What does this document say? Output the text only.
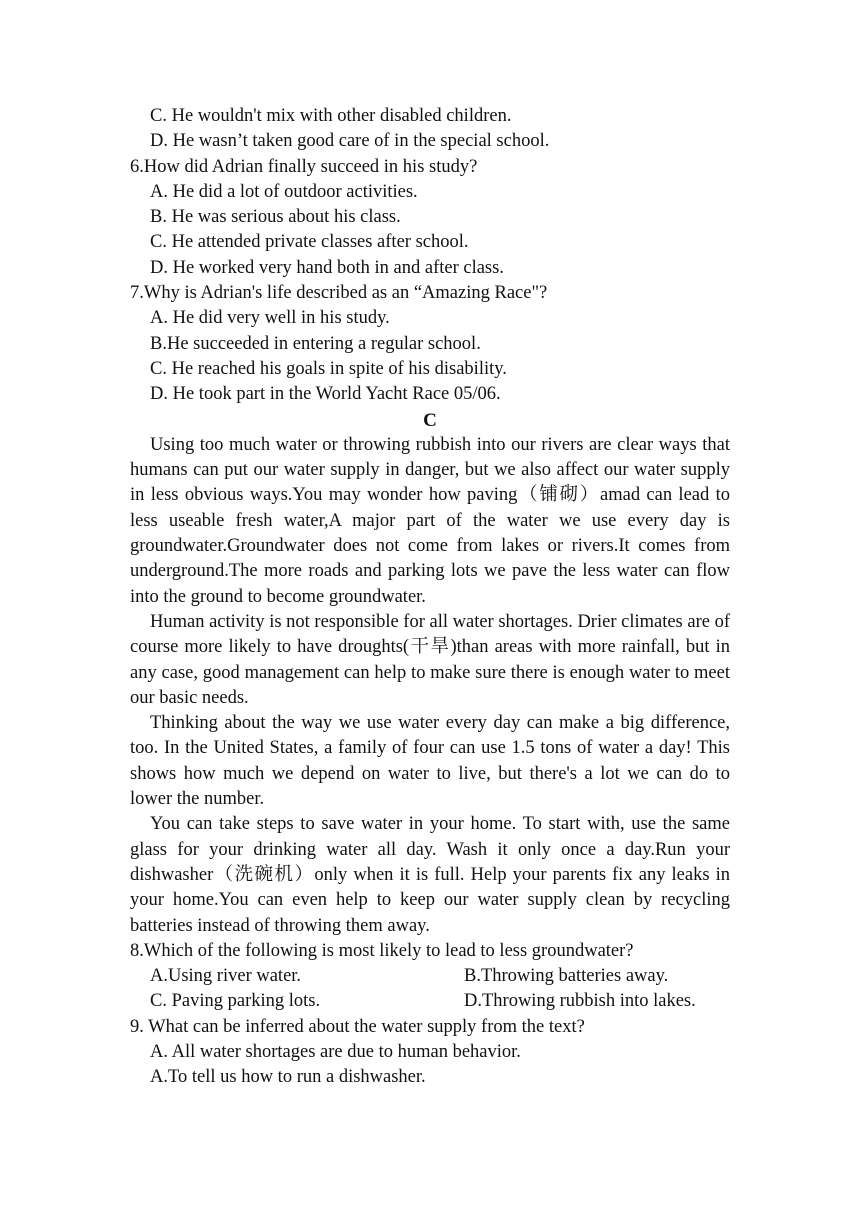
C. He wouldn't mix with other disabled children.
D. He wasn’t taken good care of in the special school.
6.How did Adrian finally succeed in his study?
A. He did a lot of outdoor activities.
B. He was serious about his class.
C. He attended private classes after school.
D. He worked very hand both in and after class.
7.Why is Adrian's life described as an “Amazing Race"?
A. He did very well in his study.
B.He succeeded in entering a regular school.
C. He reached his goals in spite of his disability.
D. He took part in the World Yacht Race 05/06.
C
Using too much water or throwing rubbish into our rivers are clear ways that humans can put our water supply in danger, but we also affect our water supply in less obvious ways.You may wonder how paving（铺砌）amad can lead to less useable fresh water,A major part of the water we use every day is groundwater.Groundwater does not come from lakes or rivers.It comes from underground.The more roads and parking lots we pave the less water can flow into the ground to become groundwater.
Human activity is not responsible for all water shortages. Drier climates are of course more likely to have droughts(干旱)than areas with more rainfall, but in any case, good management can help to make sure there is enough water to meet our basic needs.
Thinking about the way we use water every day can make a big difference, too. In the United States, a family of four can use 1.5 tons of water a day! This shows how much we depend on water to live, but there's a lot we can do to lower the number.
You can take steps to save water in your home. To start with, use the same glass for your drinking water all day. Wash it only once a day.Run your dishwasher（洗碗机）only when it is full. Help your parents fix any leaks in your home.You can even help to keep our water supply clean by recycling batteries instead of throwing them away.
8.Which of the following is most likely to lead to less groundwater?
A.Using river water.	B.Throwing batteries away.
C. Paving parking lots.	D.Throwing rubbish into lakes.
9. What can be inferred about the water supply from the text?
A. All water shortages are due to human behavior.
A.To tell us how to run a dishwasher.
